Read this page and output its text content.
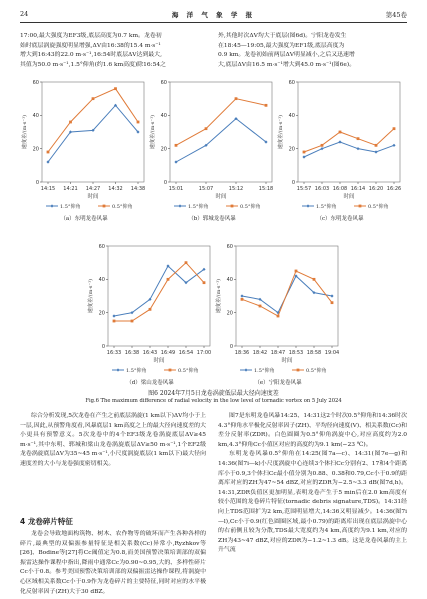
24	海 洋 气 象 学 报	第45卷

17:00,最大强度为EF3级,底层高度为0.7 km。龙卷初

始时底层涡旋强度明显增强,ΔV由16:38的15.4 m·s⁻¹

增大到16:43的22.0 m·s⁻¹,16:54时底层ΔV达到最大,

其值为50.0 m·s⁻¹,1.5°仰角(约1.6 km高度)除16:54之

外,其他时次ΔV均大于底层(图6d)。宁阳龙卷发生

在18:45—19:05,最大强度为EF1级,底层高度为

0.9 km。龙卷初始前两层ΔV明显减小,之后又迅速增

大,底层ΔV由16.5 m·s⁻¹增大到45.0 m·s⁻¹(图6e)。

0
20
40
60
14:15 14:21 14:27 14:32 14:38
速度差/(m·s⁻¹)
时间
1.5°仰角	0.5°仰角
（a）东明龙卷风暴
0
20
40
60
15:01	15:07	15:12	15:18
速度差/(m·s⁻¹)
时间
1.5°仰角	0.5°仰角
（b）郓城龙卷风暴
0
20
40
60
15:57 16:03 16:08 16:14 16:20 16:26
速度差/(m·s⁻¹)
时间
1.5°仰角	0.5°仰角
（c）东明龙卷风暴
0
20
40
60
16:33 16:38 16:43 16:49 16:54 17:00
速度差/(m·s⁻¹)
时间
1.5°仰角	0.5°仰角
（d）梁山龙卷风暴
0
20
40
60
18:36 18:42 18:47 18:53 18:58 19:04
速度差/(m·s⁻¹)
时间
1.5°仰角	0.5°仰角
（e）宁阳龙卷风暴
图6 2024年7月5日龙卷涡旋低层最大径向速度差
Fig.6 The maximum difference of radial velocity in the low level of tornadic vortex on 5 July 2024

综合分析发现,5次龙卷在产生之前底层涡旋(1 km以下)ΔV均小于上一层,因此,从预警角度看,风暴底层1 km高度之上的最大径向速度差的大小更具有预警意义。5次龙卷中的4个EF3级龙卷涡旋底层ΔV≥45 m·s⁻¹,其中东明、郓城和梁山龙卷涡旋底层ΔV≥50 m·s⁻¹,1个EF2级龙卷涡旋底层ΔV为35~45 m·s⁻¹,小尺度涡旋底层(1 km以下)最大径向速度差的大小与龙卷强度密切相关。

4 龙卷碎片特征

龙卷会导致地面构筑物、树木、农作物等的破坏而产生各种各样的碎片,最典型的双偏振参量特征是相关系数(Cc)异常小,Ryzhkov等[26]、Bodine等[27]将Cc阈值定为0.8,而美国预警决策培训部的双偏振雷达操作课程中指出,降雨中通常Cc为0.90~0.95,大的、多样性碎片Cc小于0.8。参考美国预警决策培训部的双偏振雷达操作课程,将涡旋中心区域相关系数Cc小于0.9作为龙卷碎片的主要特征,同时对应的水平极化反射率因子(ZH)大于30 dBZ。

图7是东明龙卷风暴14:25、14:31这2个时次0.5°仰角和14:36时次4.3°仰角水平极化反射率因子(ZH)、平均径向速度(V)、相关系数(Cc)和差分反射率(ZDR)。白色圆圈为0.5°仰角涡旋中心,对应高度约为2.0 km,4.3°仰角Cc小值区对应的高度约为9.1 km(−23 ℃)。

东明龙卷风暴0.5°仰角在14:25(图7a—c)、14:31(图7e—g)和14:36(图7i—k)小尺度涡旋中心连续3个体扫Cc分别有2、17和4个距离库小于0.9,3个体扫Cc最小值分别为0.88、0.38和0.79,Cc小于0.9的距离库对应的ZH为47~54 dBZ,对应的ZDR为−2.5~3.3 dB(图7d,h)。14:31,ZDR负值区更加明显,表明龙卷产生于5 min后在2.0 km高度有较小范围的龙卷碎片特征(tornadic debris signature,TDS)。14:31经向上TDS范围扩为2 km,范围明显增大,14:36又明显减少。14:36(图7i—l),Cc小于0.9(红色圆圈区域,最小0.79)的距离库出现在底层涡旋中心的右前侧且较为分散,TDS最大宽度约为4 km,高度约为9.1 km,对应的ZH为43~47 dBZ,对应的ZDR为−1.2~1.3 dB。这是龙卷风暴的主上升气流
